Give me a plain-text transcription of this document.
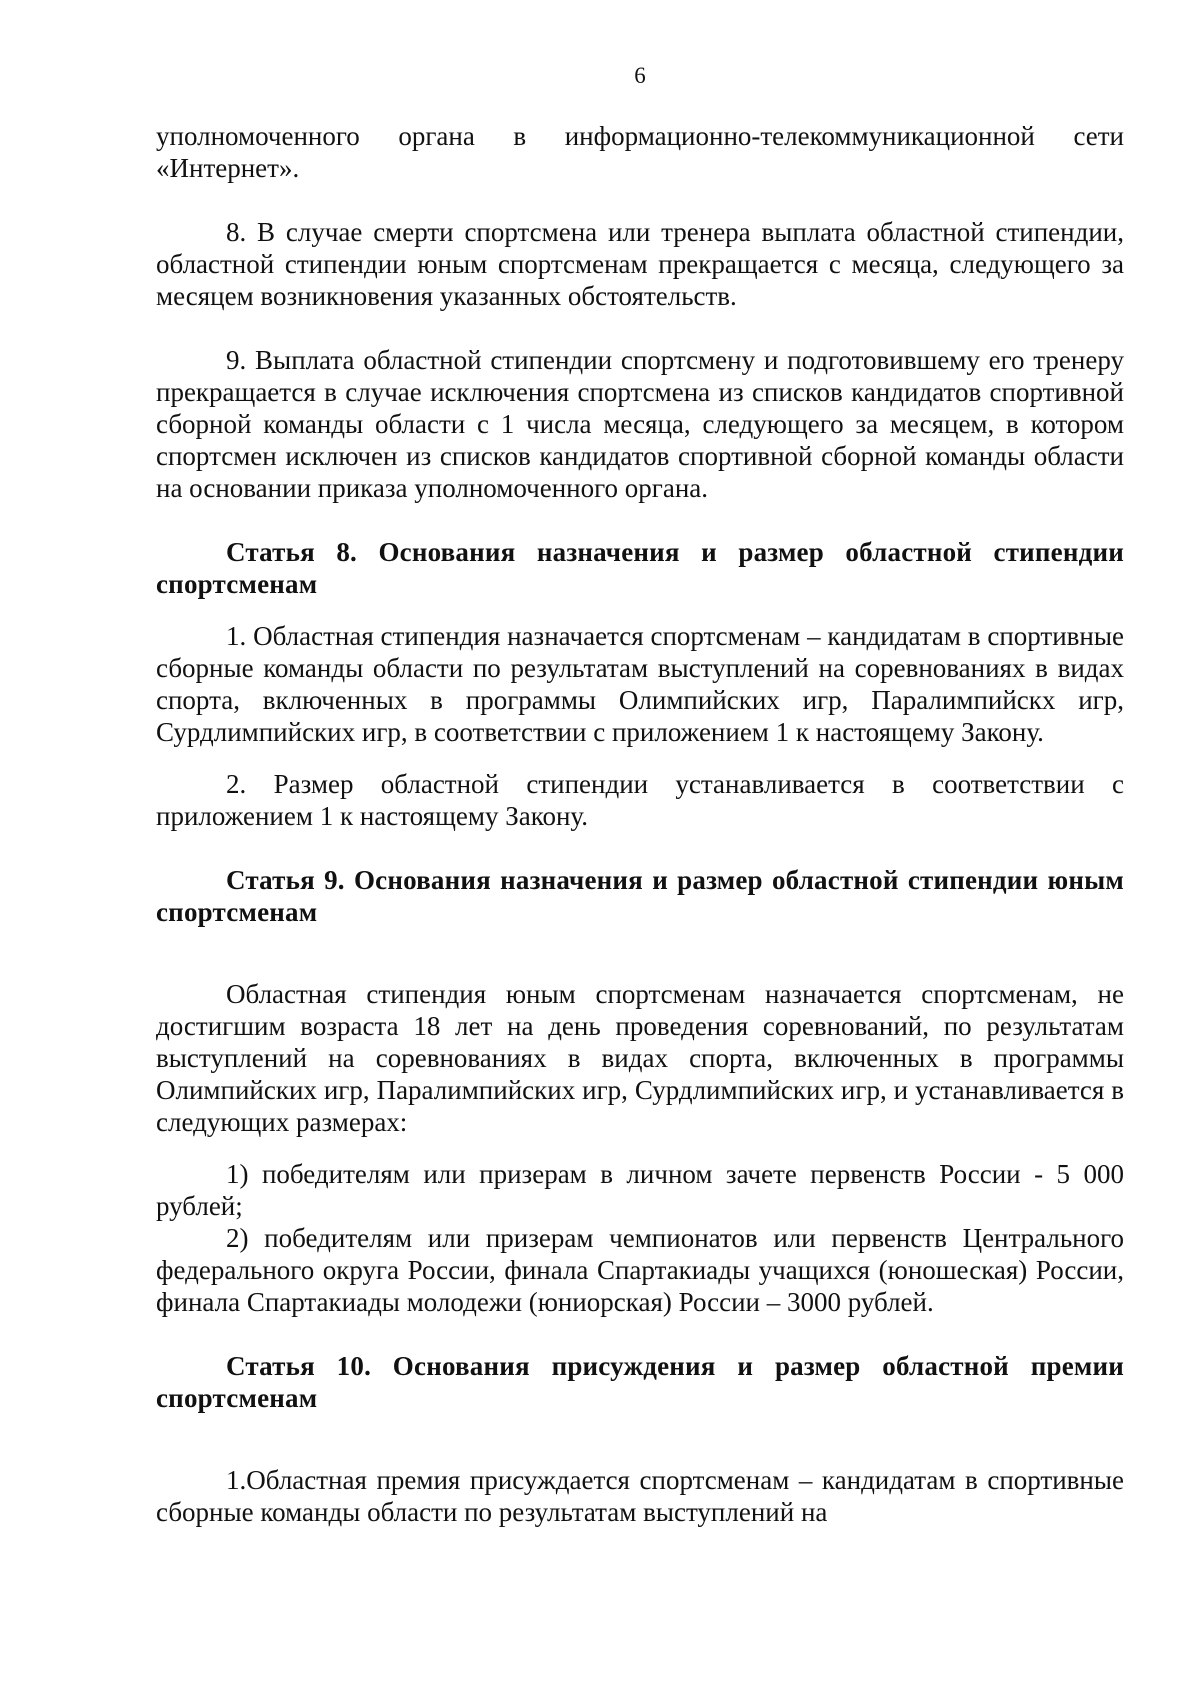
6

уполномоченного органа в информационно-телекоммуникационной сети «Интернет».

8. В случае смерти спортсмена или тренера выплата областной стипендии, областной стипендии юным спортсменам прекращается с месяца, следующего за месяцем возникновения указанных обстоятельств.

9. Выплата областной стипендии спортсмену и подготовившему его тренеру прекращается в случае исключения спортсмена из списков кандидатов спортивной сборной команды области с 1 числа месяца, следующего за месяцем, в котором спортсмен исключен из списков кандидатов спортивной сборной команды области на основании приказа уполномоченного органа.

Статья 8. Основания назначения и размер областной стипендии спортсменам

1. Областная стипендия назначается спортсменам – кандидатам в спортивные сборные команды области по результатам выступлений на соревнованиях в видах спорта, включенных в программы Олимпийских игр, Паралимпийскх игр, Сурдлимпийских игр, в соответствии с приложением 1 к настоящему Закону.

2. Размер областной стипендии устанавливается в соответствии с приложением 1 к настоящему Закону.

Статья 9. Основания назначения и размер областной стипендии юным спортсменам

Областная стипендия юным спортсменам назначается спортсменам, не достигшим возраста 18 лет на день проведения соревнований, по результатам выступлений на соревнованиях в видах спорта, включенных в программы Олимпийских игр, Паралимпийских игр, Сурдлимпийских игр, и устанавливается в следующих размерах:

1) победителям или призерам в личном зачете первенств России - 5 000 рублей;

2) победителям или призерам чемпионатов или первенств Центрального федерального округа России, финала Спартакиады учащихся (юношеская) России, финала Спартакиады молодежи (юниорская) России – 3000 рублей.

Статья 10. Основания присуждения и размер областной премии спортсменам

1.Областная премия присуждается спортсменам – кандидатам в спортивные сборные команды области по результатам выступлений на
